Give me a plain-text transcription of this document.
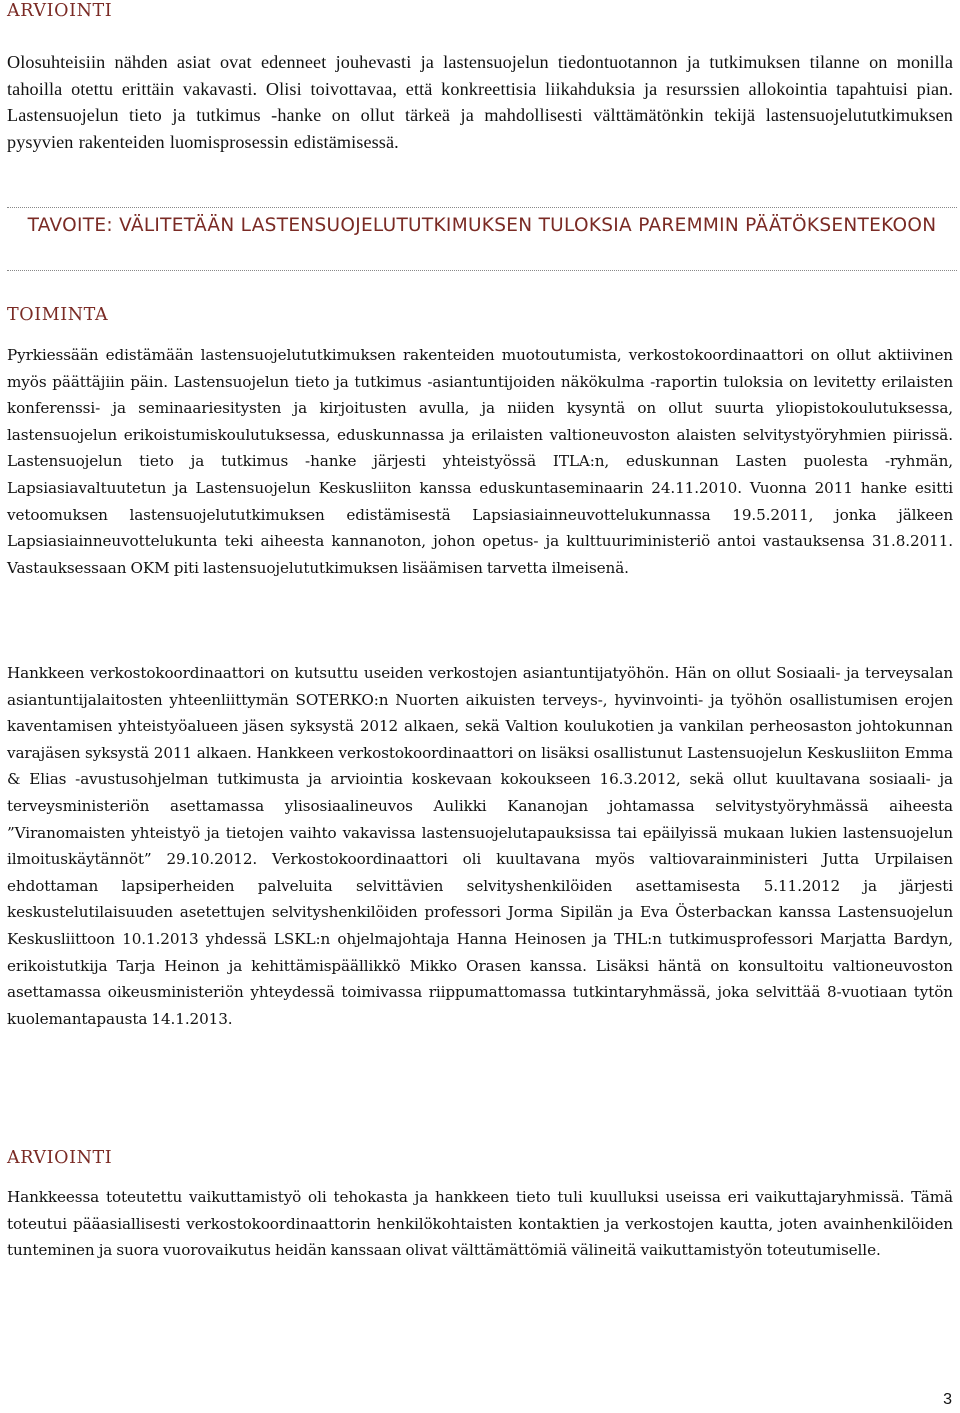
ARVIOINTI

Olosuhteisiin nähden asiat ovat edenneet jouhevasti ja lastensuojelun tiedontuotannon ja tutkimuksen tilanne on monilla tahoilla otettu erittäin vakavasti. Olisi toivottavaa, että konkreettisia liikahduksia ja resurssien allokointia tapahtuisi pian. Lastensuojelun tieto ja tutkimus -hanke on ollut tärkeä ja mahdollisesti välttämätönkin tekijä lastensuojelututkimuksen pysyvien rakenteiden luomisprosessin edistämisessä.

TAVOITE: VÄLITETÄÄN LASTENSUOJELUTUTKIMUKSEN TULOKSIA PAREMMIN PÄÄTÖKSENTEKOON
TOIMINTA

Pyrkiessään edistämään lastensuojelututkimuksen rakenteiden muotoutumista, verkostokoordinaattori on ollut aktiivinen myös päättäjiin päin. Lastensuojelun tieto ja tutkimus -asiantuntijoiden näkökulma -raportin tuloksia on levitetty erilaisten konferenssi- ja seminaariesitysten ja kirjoitusten avulla, ja niiden kysyntä on ollut suurta yliopistokoulutuksessa, lastensuojelun erikoistumiskoulutuksessa, eduskunnassa ja erilaisten valtioneuvoston alaisten selvitystyöryhmien piirissä. Lastensuojelun tieto ja tutkimus -hanke järjesti yhteistyössä ITLA:n, eduskunnan Lasten puolesta -ryhmän, Lapsiasiavaltuutetun ja Lastensuojelun Keskusliiton kanssa eduskuntaseminaarin 24.11.2010. Vuonna 2011 hanke esitti vetoomuksen lastensuojelututkimuksen edistämisestä Lapsiasiainneuvottelukunnassa 19.5.2011, jonka jälkeen Lapsiasiainneuvottelukunta teki aiheesta kannanoton, johon opetus- ja kulttuuriministeriö antoi vastauksensa 31.8.2011. Vastauksessaan OKM piti lastensuojelututkimuksen lisäämisen tarvetta ilmeisenä.

Hankkeen verkostokoordinaattori on kutsuttu useiden verkostojen asiantuntijatyöhön. Hän on ollut Sosiaali- ja terveysalan asiantuntijalaitosten yhteenliittymän SOTERKO:n Nuorten aikuisten terveys-, hyvinvointi- ja työhön osallistumisen erojen kaventamisen yhteistyöalueen jäsen syksystä 2012 alkaen, sekä Valtion koulukotien ja vankilan perheosaston johtokunnan varajäsen syksystä 2011 alkaen. Hankkeen verkostokoordinaattori on lisäksi osallistunut Lastensuojelun Keskusliiton Emma & Elias -avustusohjelman tutkimusta ja arviointia koskevaan kokoukseen 16.3.2012, sekä ollut kuultavana sosiaali- ja terveysministeriön asettamassa ylisosiaalineuvos Aulikki Kananojan johtamassa selvitystyöryhmässä aiheesta ”Viranomaisten yhteistyö ja tietojen vaihto vakavissa lastensuojelutapauksissa tai epäilyissä mukaan lukien lastensuojelun ilmoituskäytännöt” 29.10.2012. Verkostokoordinaattori oli kuultavana myös valtiovarainministeri Jutta Urpilaisen ehdottaman lapsiperheiden palveluita selvittävien selvityshenkilöiden asettamisesta 5.11.2012 ja järjesti keskustelutilaisuuden asetettujen selvityshenkilöiden professori Jorma Sipilän ja Eva Österbackan kanssa Lastensuojelun Keskusliittoon 10.1.2013 yhdessä LSKL:n ohjelmajohtaja Hanna Heinosen ja THL:n tutkimusprofessori Marjatta Bardyn, erikoistutkija Tarja Heinon ja kehittämispäällikkö Mikko Orasen kanssa. Lisäksi häntä on konsultoitu valtioneuvoston asettamassa oikeusministeriön yhteydessä toimivassa riippumattomassa tutkintaryhmässä, joka selvittää 8-vuotiaan tytön kuolemantapausta 14.1.2013.

ARVIOINTI

Hankkeessa toteutettu vaikuttamistyö oli tehokasta ja hankkeen tieto tuli kuulluksi useissa eri vaikuttajaryhmissä. Tämä toteutui pääasiallisesti verkostokoordinaattorin henkilökohtaisten kontaktien ja verkostojen kautta, joten avainhenkilöiden tunteminen ja suora vuorovaikutus heidän kanssaan olivat välttämättömiä välineitä vaikuttamistyön toteutumiselle.

3
